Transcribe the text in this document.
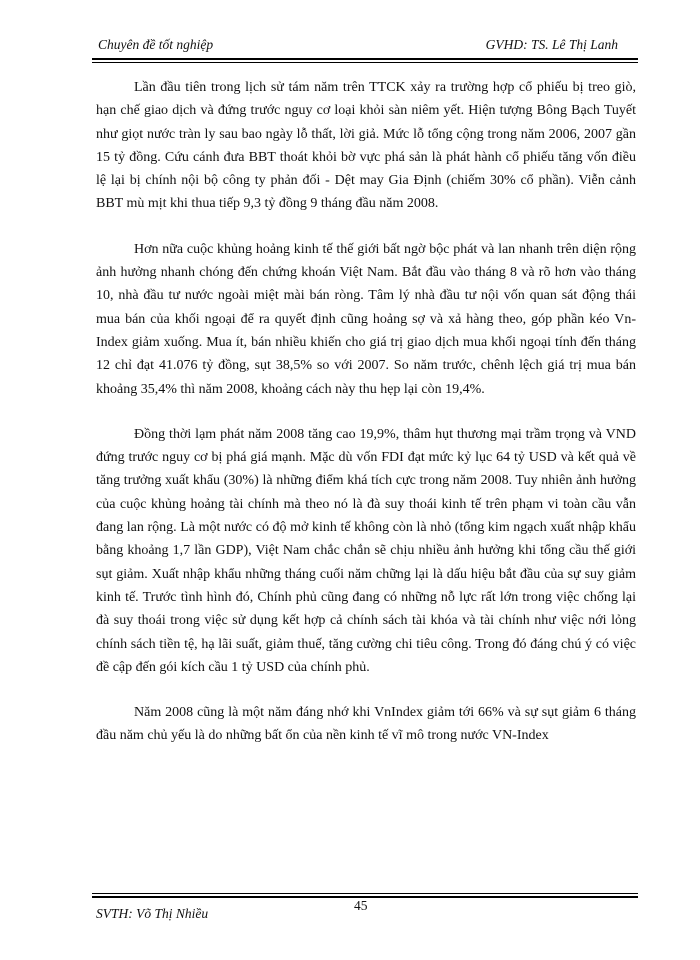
Chuyên đề tốt nghiệp	GVHD: TS. Lê Thị Lanh

Lần đầu tiên trong lịch sử tám năm trên TTCK xảy ra trường hợp cổ phiếu bị treo giò, hạn chế giao dịch và đứng trước nguy cơ loại khỏi sàn niêm yết. Hiện tượng Bông Bạch Tuyết như giọt nước tràn ly sau bao ngày lỗ thất, lời giả. Mức lỗ tổng cộng trong năm 2006, 2007 gần 15 tỷ đồng. Cứu cánh đưa BBT thoát khỏi bờ vực phá sản là phát hành cổ phiếu tăng vốn điều lệ lại bị chính nội bộ công ty phản đối - Dệt may Gia Định (chiếm 30% cổ phần). Viễn cảnh BBT mù mịt khi thua tiếp 9,3 tỷ đồng 9 tháng đầu năm 2008.

Hơn nữa cuộc khủng hoảng kinh tế thế giới bất ngờ bộc phát và lan nhanh trên diện rộng ảnh hưởng nhanh chóng đến chứng khoán Việt Nam. Bắt đầu vào tháng 8 và rõ hơn vào tháng 10, nhà đầu tư nước ngoài miệt mài bán ròng. Tâm lý nhà đầu tư nội vốn quan sát động thái mua bán của khối ngoại để ra quyết định cũng hoảng sợ và xả hàng theo, góp phần kéo Vn-Index giảm xuống. Mua ít, bán nhiều khiến cho giá trị giao dịch mua khối ngoại tính đến tháng 12 chỉ đạt 41.076 tỷ đồng, sụt 38,5% so với 2007. So năm trước, chênh lệch giá trị mua bán khoảng 35,4% thì năm 2008, khoảng cách này thu hẹp lại còn 19,4%.

Đồng thời lạm phát năm 2008 tăng cao 19,9%, thâm hụt thương mại trầm trọng và VND đứng trước nguy cơ bị phá giá mạnh. Mặc dù vốn FDI đạt mức kỷ lục 64 tỷ USD và kết quả về tăng trưởng xuất khẩu (30%) là những điểm khá tích cực trong năm 2008. Tuy nhiên ảnh hưởng của cuộc khủng hoảng tài chính mà theo nó là đà suy thoái kinh tế trên phạm vi toàn cầu vẫn đang lan rộng. Là một nước có độ mở kinh tế không còn là nhỏ (tổng kim ngạch xuất nhập khẩu bằng khoảng 1,7 lần GDP), Việt Nam chắc chắn sẽ chịu nhiều ảnh hưởng khi tổng cầu thế giới sụt giảm. Xuất nhập khẩu những tháng cuối năm chững lại là dấu hiệu bắt đầu của sự suy giảm kinh tế. Trước tình hình đó, Chính phủ cũng đang có những nỗ lực rất lớn trong việc chống lại đà suy thoái trong việc sử dụng kết hợp cả chính sách tài khóa và tài chính như việc nới lỏng chính sách tiền tệ, hạ lãi suất, giảm thuế, tăng cường chi tiêu công. Trong đó đáng chú ý có việc đề cập đến gói kích cầu 1 tỷ USD của chính phủ.

Năm 2008 cũng là một năm đáng nhớ khi VnIndex giảm tới 66% và sự sụt giảm 6 tháng đầu năm chủ yếu là do những bất ổn của nền kinh tế vĩ mô trong nước VN-Index

45
SVTH: Võ Thị Nhiều
